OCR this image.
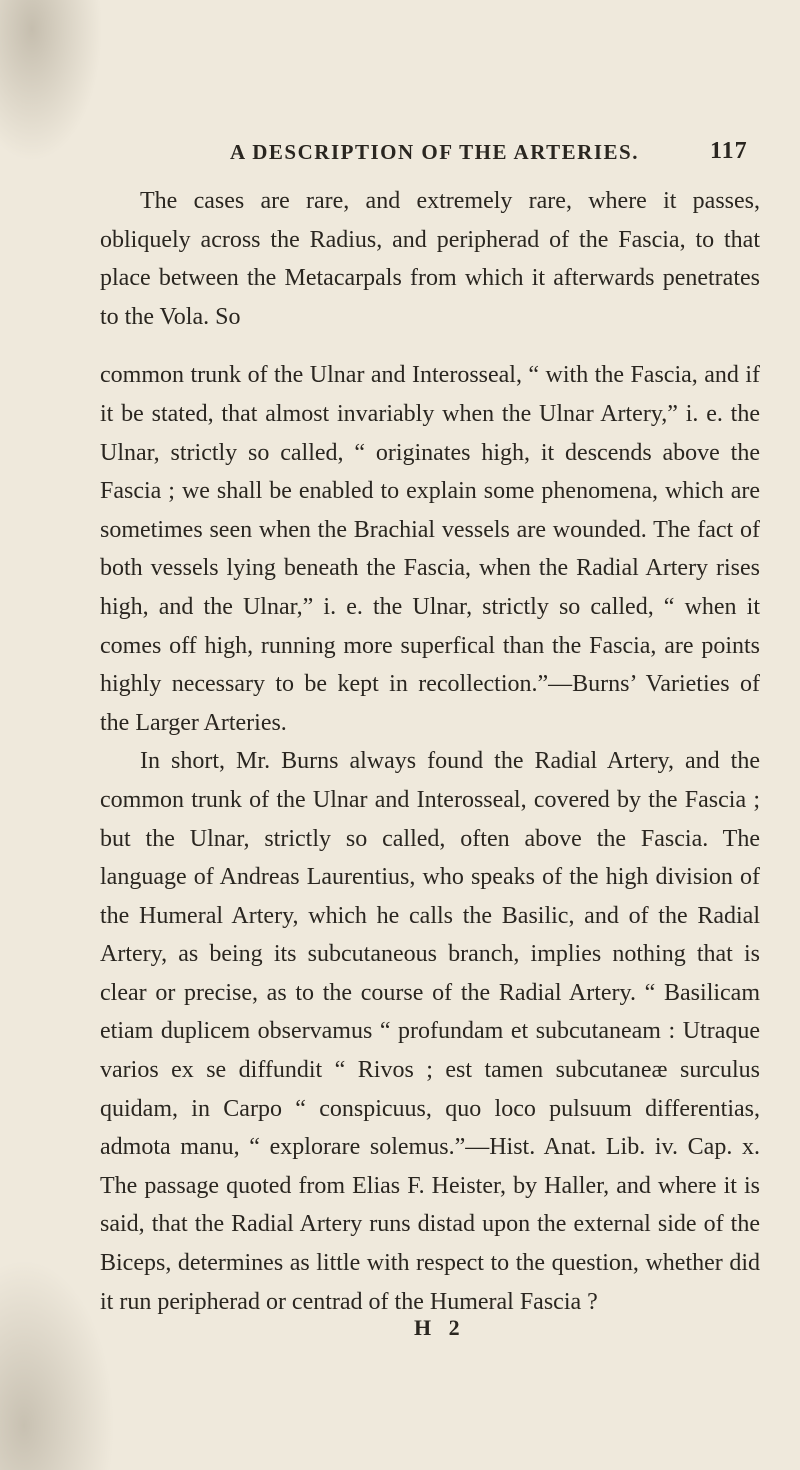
A DESCRIPTION OF THE ARTERIES.	117

The cases are rare, and extremely rare, where it passes, obliquely across the Radius, and peripherad of the Fascia, to that place between the Metacarpals from which it afterwards penetrates to the Vola. So

common trunk of the Ulnar and Interosseal, “ with the Fascia, and if it be stated, that almost invariably when the Ulnar Artery,” i. e. the Ulnar, strictly so called, “ originates high, it descends above the Fascia ; we shall be enabled to explain some phenomena, which are sometimes seen when the Brachial vessels are wounded. The fact of both vessels lying beneath the Fascia, when the Radial Artery rises high, and the Ulnar,” i. e. the Ulnar, strictly so called, “ when it comes off high, running more superfical than the Fascia, are points highly necessary to be kept in recollection.”—Burns’ Varieties of the Larger Arteries.

In short, Mr. Burns always found the Radial Artery, and the common trunk of the Ulnar and Interosseal, covered by the Fascia ; but the Ulnar, strictly so called, often above the Fascia. The language of Andreas Laurentius, who speaks of the high division of the Humeral Artery, which he calls the Basilic, and of the Radial Artery, as being its subcutaneous branch, implies nothing that is clear or precise, as to the course of the Radial Artery. “ Basilicam etiam duplicem observamus “ profundam et subcutaneam : Utraque varios ex se diffundit “ Rivos ; est tamen subcutaneæ surculus quidam, in Carpo “ conspicuus, quo loco pulsuum differentias, admota manu, “ explorare solemus.”—Hist. Anat. Lib. iv. Cap. x. The passage quoted from Elias F. Heister, by Haller, and where it is said, that the Radial Artery runs distad upon the external side of the Biceps, determines as little with respect to the question, whether did it run peripherad or centrad of the Humeral Fascia ?

H 2
